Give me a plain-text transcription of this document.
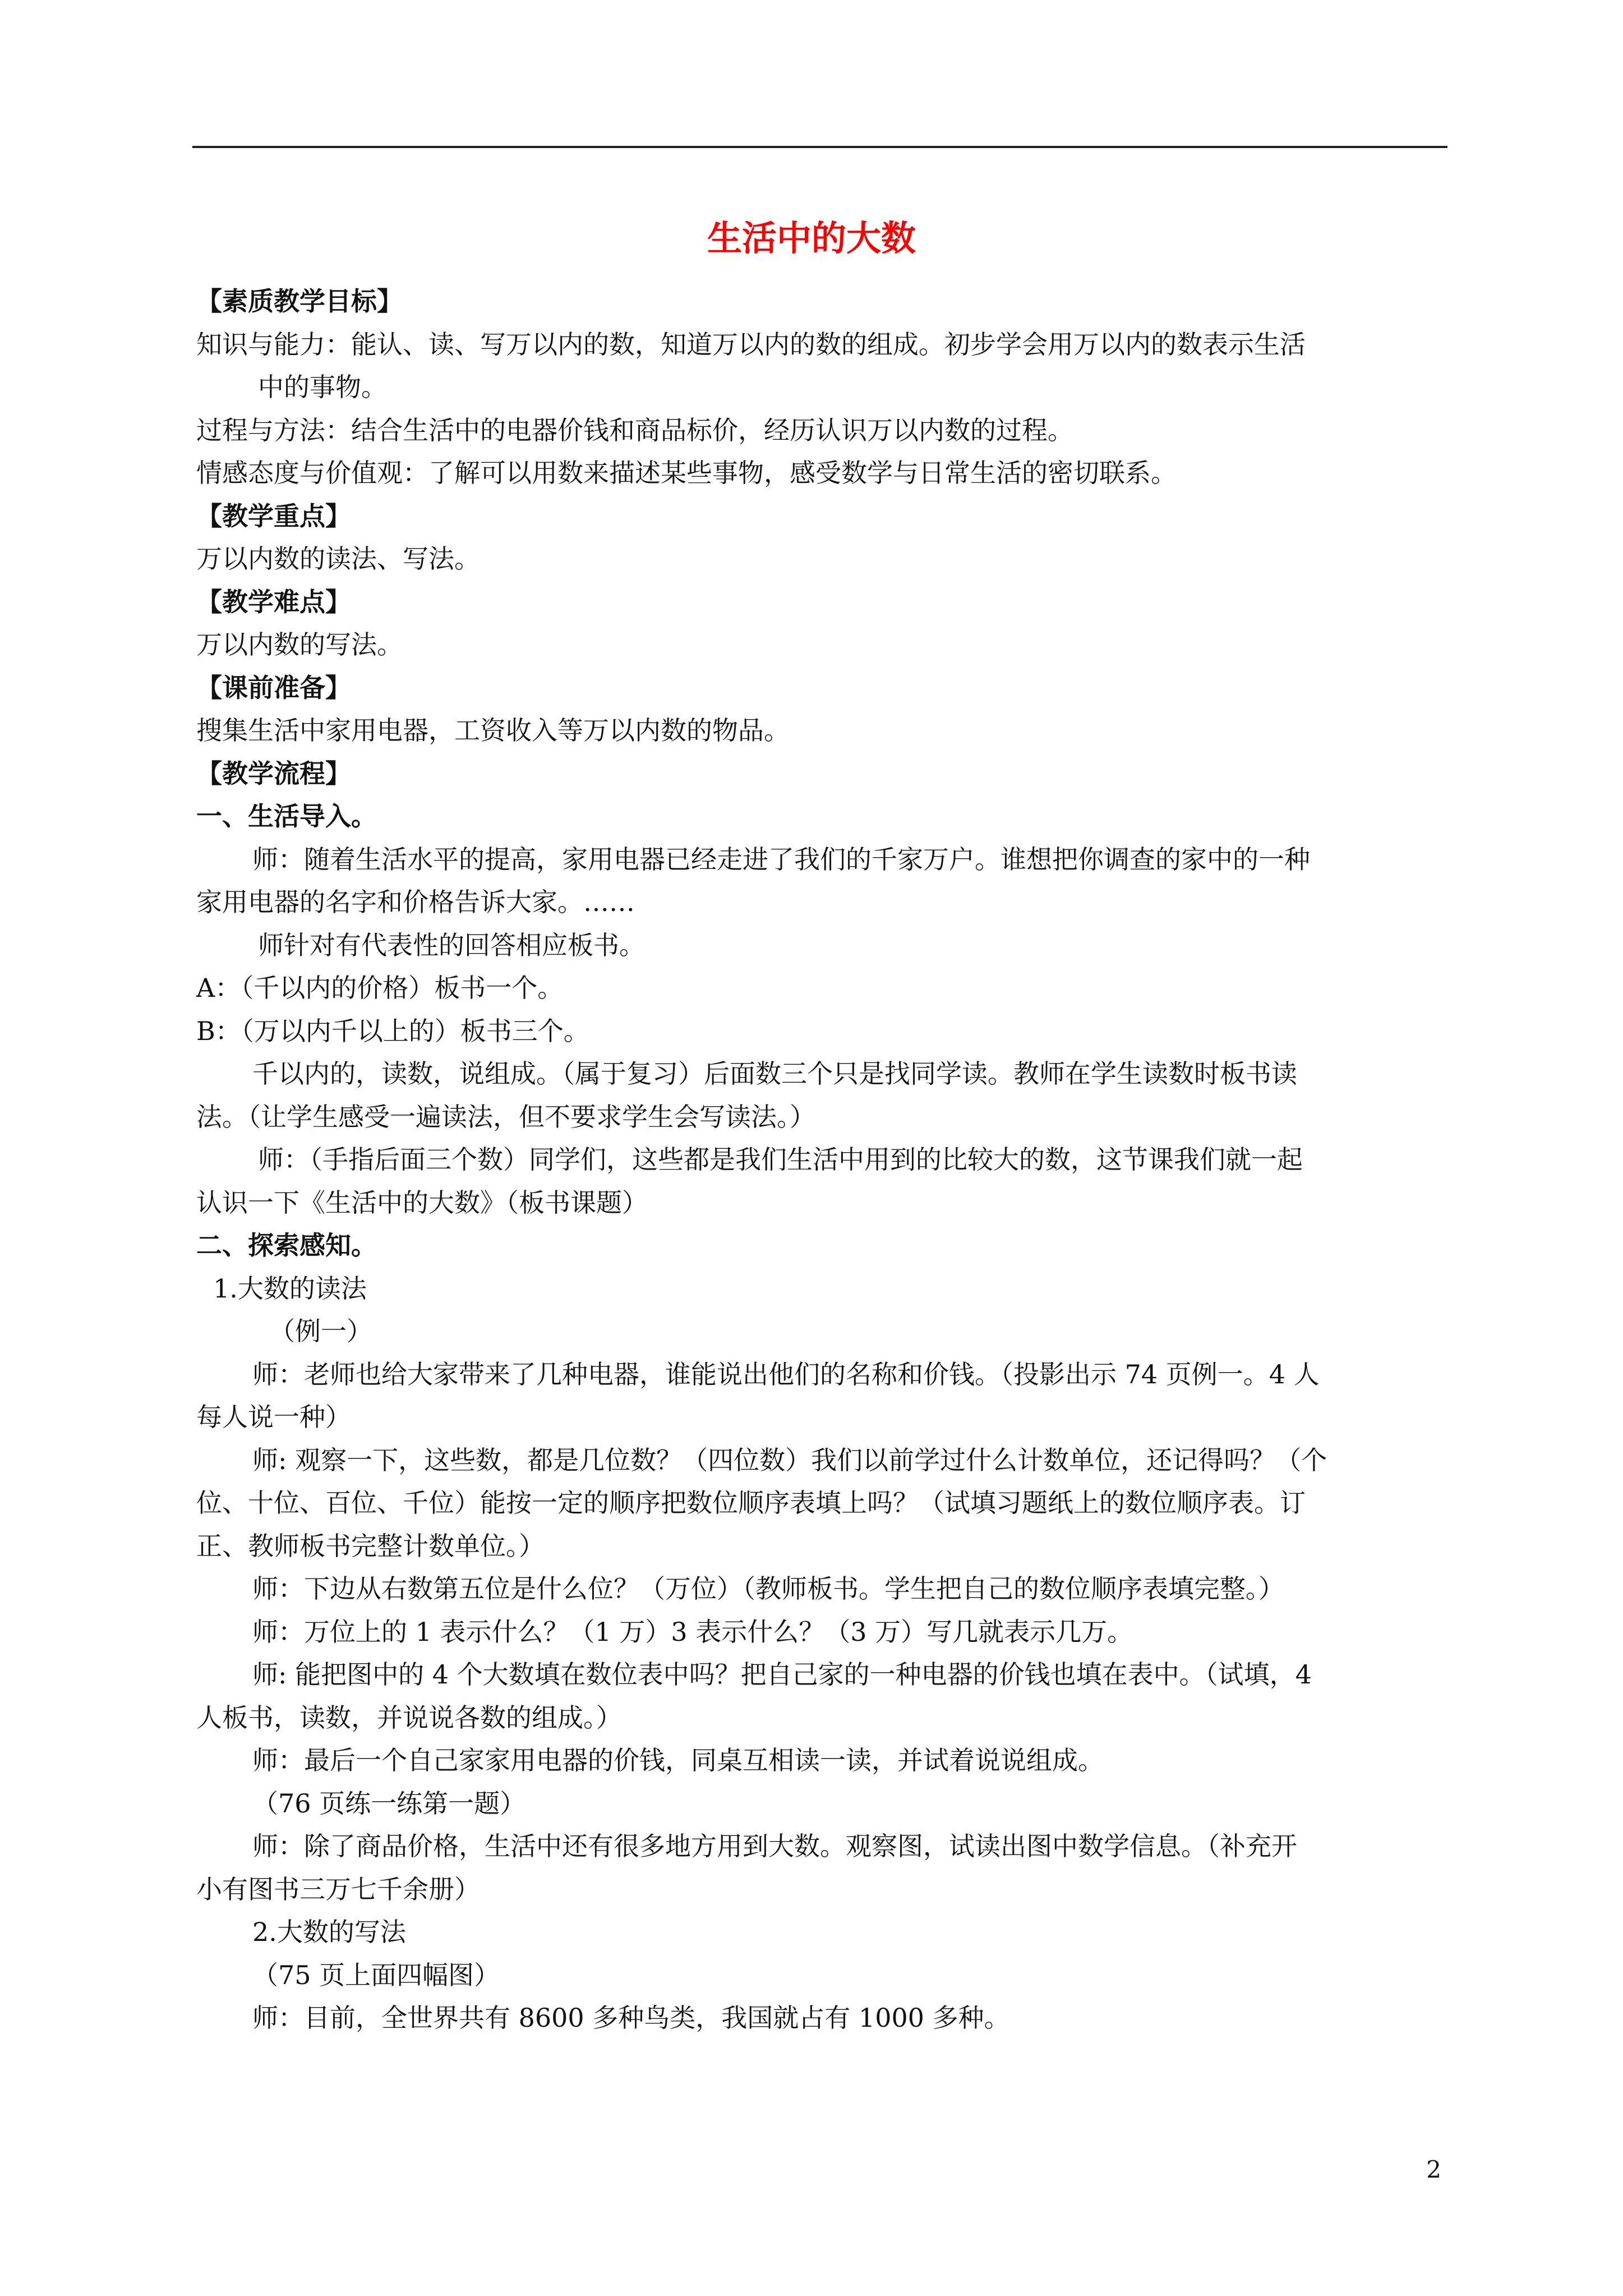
生活中的大数
【素质教学目标】
知识与能力：能认、读、写万以内的数，知道万以内的数的组成。初步学会用万以内的数表示生活
中的事物。
过程与方法：结合生活中的电器价钱和商品标价，经历认识万以内数的过程。
情感态度与价值观：了解可以用数来描述某些事物，感受数学与日常生活的密切联系。
【教学重点】
万以内数的读法、写法。
【教学难点】
万以内数的写法。
【课前准备】
搜集生活中家用电器，工资收入等万以内数的物品。
【教学流程】
一、生活导入。
师：随着生活水平的提高，家用电器已经走进了我们的千家万户。谁想把你调查的家中的一种
家用电器的名字和价格告诉大家。……
师针对有代表性的回答相应板书。
A：（千以内的价格）板书一个。
B：（万以内千以上的）板书三个。
千以内的，读数，说组成。（属于复习）后面数三个只是找同学读。教师在学生读数时板书读
法。（让学生感受一遍读法，但不要求学生会写读法。）
师：（手指后面三个数）同学们，这些都是我们生活中用到的比较大的数，这节课我们就一起
认识一下《生活中的大数》（板书课题）
二、探索感知。
1.大数的读法
（例一）
师：老师也给大家带来了几种电器，谁能说出他们的名称和价钱。（投影出示 74 页例一。4 人
每人说一种）
师: 观察一下，这些数，都是几位数？（四位数）我们以前学过什么计数单位，还记得吗？（个
位、十位、百位、千位）能按一定的顺序把数位顺序表填上吗？（试填习题纸上的数位顺序表。订
正、教师板书完整计数单位。）
师：下边从右数第五位是什么位？（万位）（教师板书。学生把自己的数位顺序表填完整。）
师：万位上的 1 表示什么？（1 万）3 表示什么？（3 万）写几就表示几万。
师: 能把图中的 4 个大数填在数位表中吗？把自己家的一种电器的价钱也填在表中。（试填，4
人板书，读数，并说说各数的组成。）
师：最后一个自己家家用电器的价钱，同桌互相读一读，并试着说说组成。
（76 页练一练第一题）
师：除了商品价格，生活中还有很多地方用到大数。观察图，试读出图中数学信息。（补充开
小有图书三万七千余册）
2.大数的写法
（75 页上面四幅图）
师：目前，全世界共有 8600 多种鸟类，我国就占有 1000 多种。
2
